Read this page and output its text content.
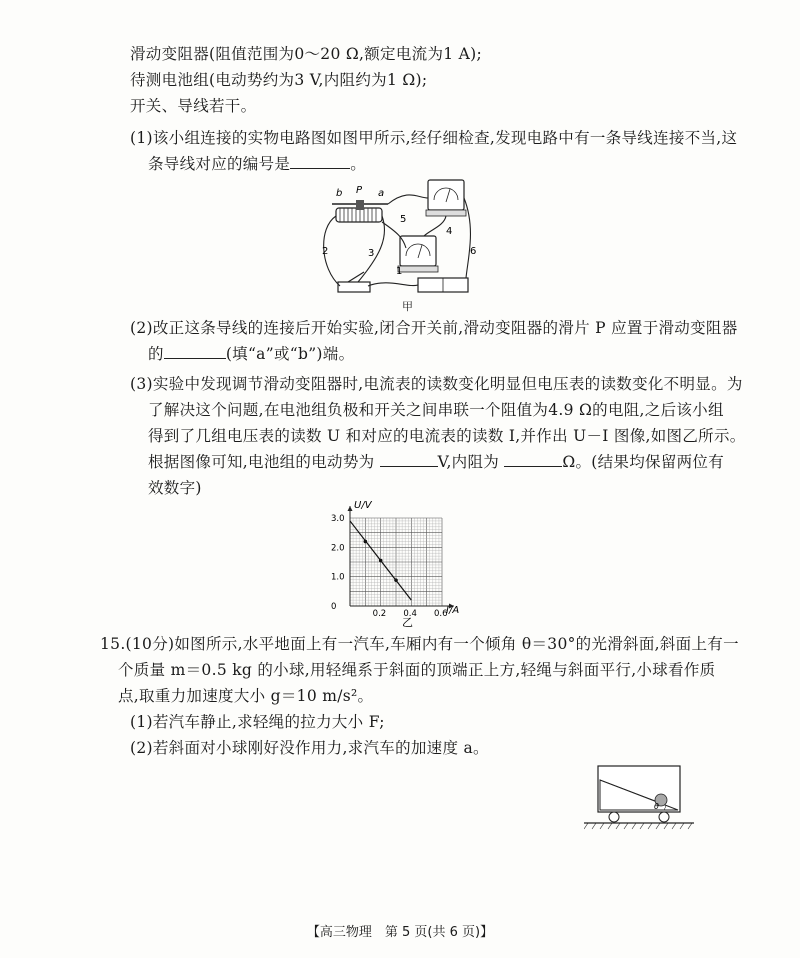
滑动变阻器(阻值范围为0～20 Ω,额定电流为1 A);
待测电池组(电动势约为3 V,内阻约为1 Ω);
开关、导线若干。
(1)该小组连接的实物电路图如图甲所示,经仔细检查,发现电路中有一条导线连接不当,这
条导线对应的编号是	。
b P a
1
2	3
4
5
6
甲
(2)改正这条导线的连接后开始实验,闭合开关前,滑动变阻器的滑片 P 应置于滑动变阻器
的	(填“a”或“b”)端。
(3)实验中发现调节滑动变阻器时,电流表的读数变化明显但电压表的读数变化不明显。为
了解决这个问题,在电池组负极和开关之间串联一个阻值为4.9 Ω的电阻,之后该小组
得到了几组电压表的读数 U 和对应的电流表的读数 I,并作出 U－I 图像,如图乙所示。
根据图像可知,电池组的电动势为	V,内阻为	Ω。(结果均保留两位有
效数字)
0.2 0.4 0.6
0
1.0
2.0
3.0
U/V
I/A
乙
15.(10分)如图所示,水平地面上有一汽车,车厢内有一个倾角 θ＝30°的光滑斜面,斜面上有一
个质量 m＝0.5 kg 的小球,用轻绳系于斜面的顶端正上方,轻绳与斜面平行,小球看作质
点,取重力加速度大小 g＝10 m/s²。
(1)若汽车静止,求轻绳的拉力大小 F;
(2)若斜面对小球刚好没作用力,求汽车的加速度 a。
θ
【高三物理　第 5 页(共 6 页)】
